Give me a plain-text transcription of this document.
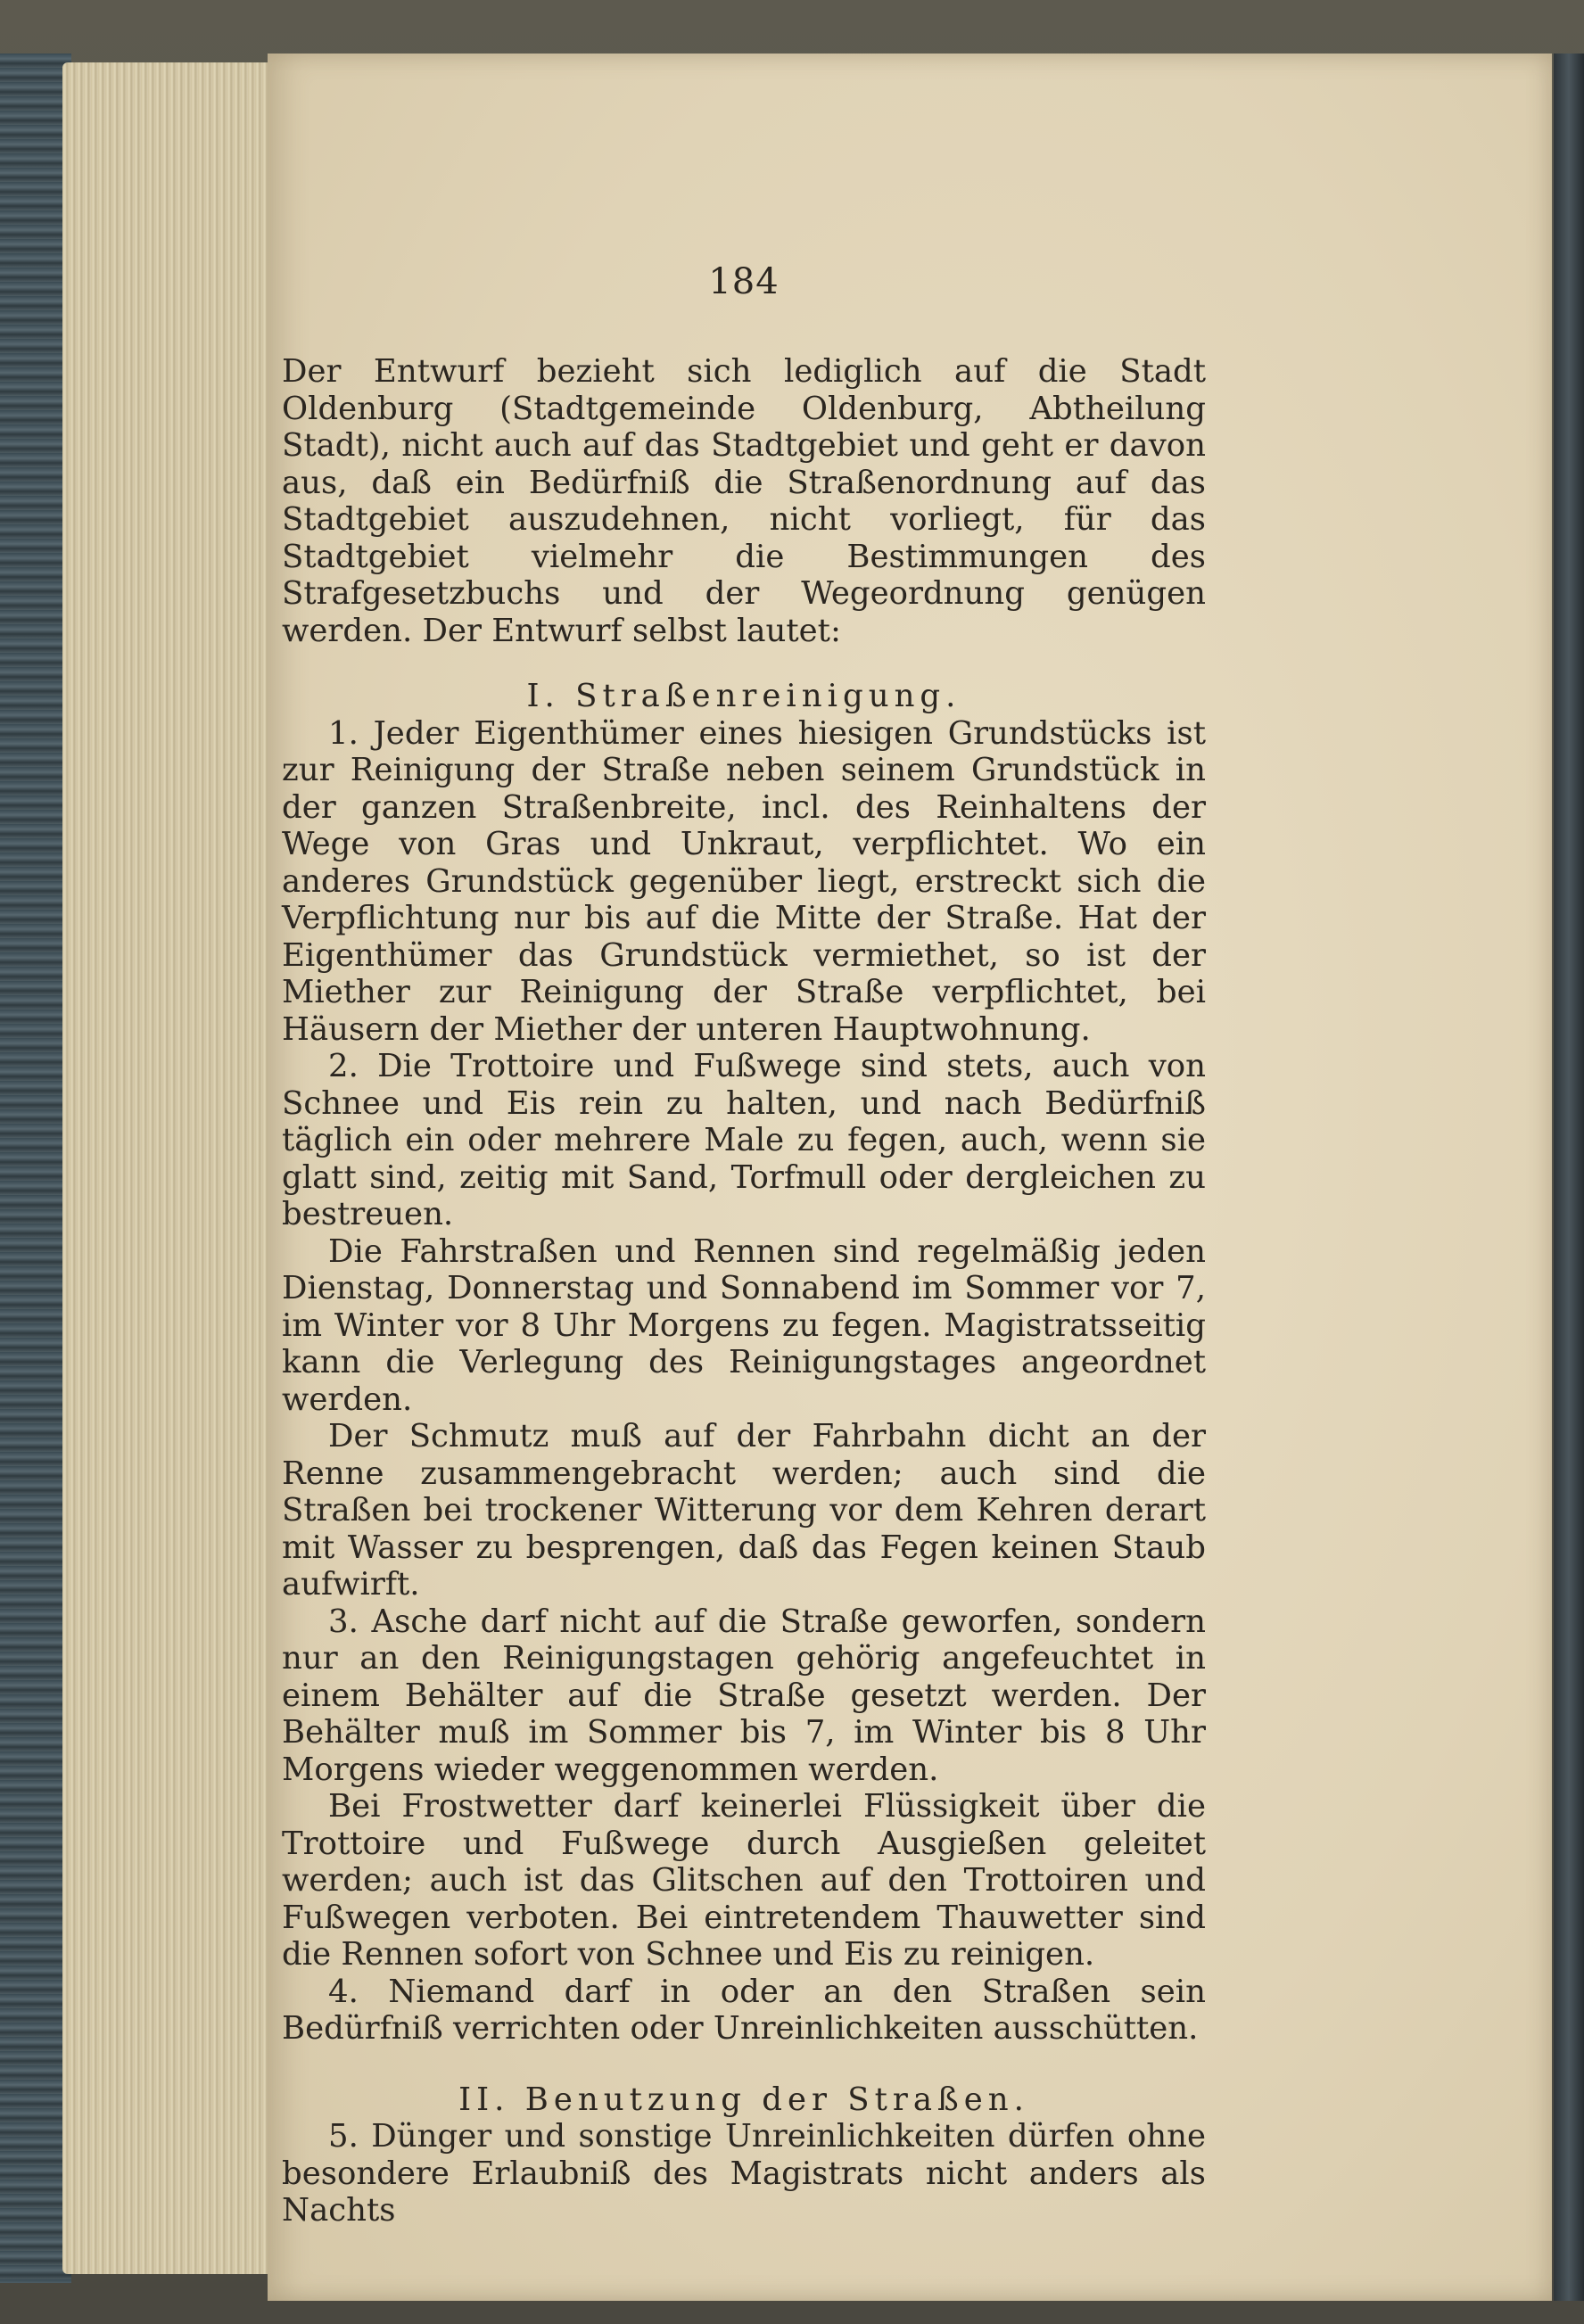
184

Der Entwurf bezieht sich lediglich auf die Stadt Oldenburg (Stadtgemeinde Oldenburg, Abtheilung Stadt), nicht auch auf das Stadtgebiet und geht er davon aus, daß ein Bedürfniß die Straßenordnung auf das Stadtgebiet auszudehnen, nicht vorliegt, für das Stadtgebiet vielmehr die Bestimmungen des Strafgesetzbuchs und der Wegeordnung genügen werden. Der Entwurf selbst lautet:

I. Straßenreinigung.

1. Jeder Eigenthümer eines hiesigen Grundstücks ist zur Reinigung der Straße neben seinem Grundstück in der ganzen Straßenbreite, incl. des Reinhaltens der Wege von Gras und Unkraut, verpflichtet. Wo ein anderes Grundstück gegenüber liegt, erstreckt sich die Verpflichtung nur bis auf die Mitte der Straße. Hat der Eigenthümer das Grundstück vermiethet, so ist der Miether zur Reinigung der Straße verpflichtet, bei Häusern der Miether der unteren Hauptwohnung.

2. Die Trottoire und Fußwege sind stets, auch von Schnee und Eis rein zu halten, und nach Bedürfniß täglich ein oder mehrere Male zu fegen, auch, wenn sie glatt sind, zeitig mit Sand, Torfmull oder dergleichen zu bestreuen.

Die Fahrstraßen und Rennen sind regelmäßig jeden Dienstag, Donnerstag und Sonnabend im Sommer vor 7, im Winter vor 8 Uhr Morgens zu fegen. Magistratsseitig kann die Verlegung des Reinigungstages angeordnet werden.

Der Schmutz muß auf der Fahrbahn dicht an der Renne zusammengebracht werden; auch sind die Straßen bei trockener Witterung vor dem Kehren derart mit Wasser zu besprengen, daß das Fegen keinen Staub aufwirft.

3. Asche darf nicht auf die Straße geworfen, sondern nur an den Reinigungstagen gehörig angefeuchtet in einem Behälter auf die Straße gesetzt werden. Der Behälter muß im Sommer bis 7, im Winter bis 8 Uhr Morgens wieder weggenommen werden.

Bei Frostwetter darf keinerlei Flüssigkeit über die Trottoire und Fußwege durch Ausgießen geleitet werden; auch ist das Glitschen auf den Trottoiren und Fußwegen verboten. Bei eintretendem Thauwetter sind die Rennen sofort von Schnee und Eis zu reinigen.

4. Niemand darf in oder an den Straßen sein Bedürfniß verrichten oder Unreinlichkeiten ausschütten.

II. Benutzung der Straßen.

5. Dünger und sonstige Unreinlichkeiten dürfen ohne besondere Erlaubniß des Magistrats nicht anders als Nachts
